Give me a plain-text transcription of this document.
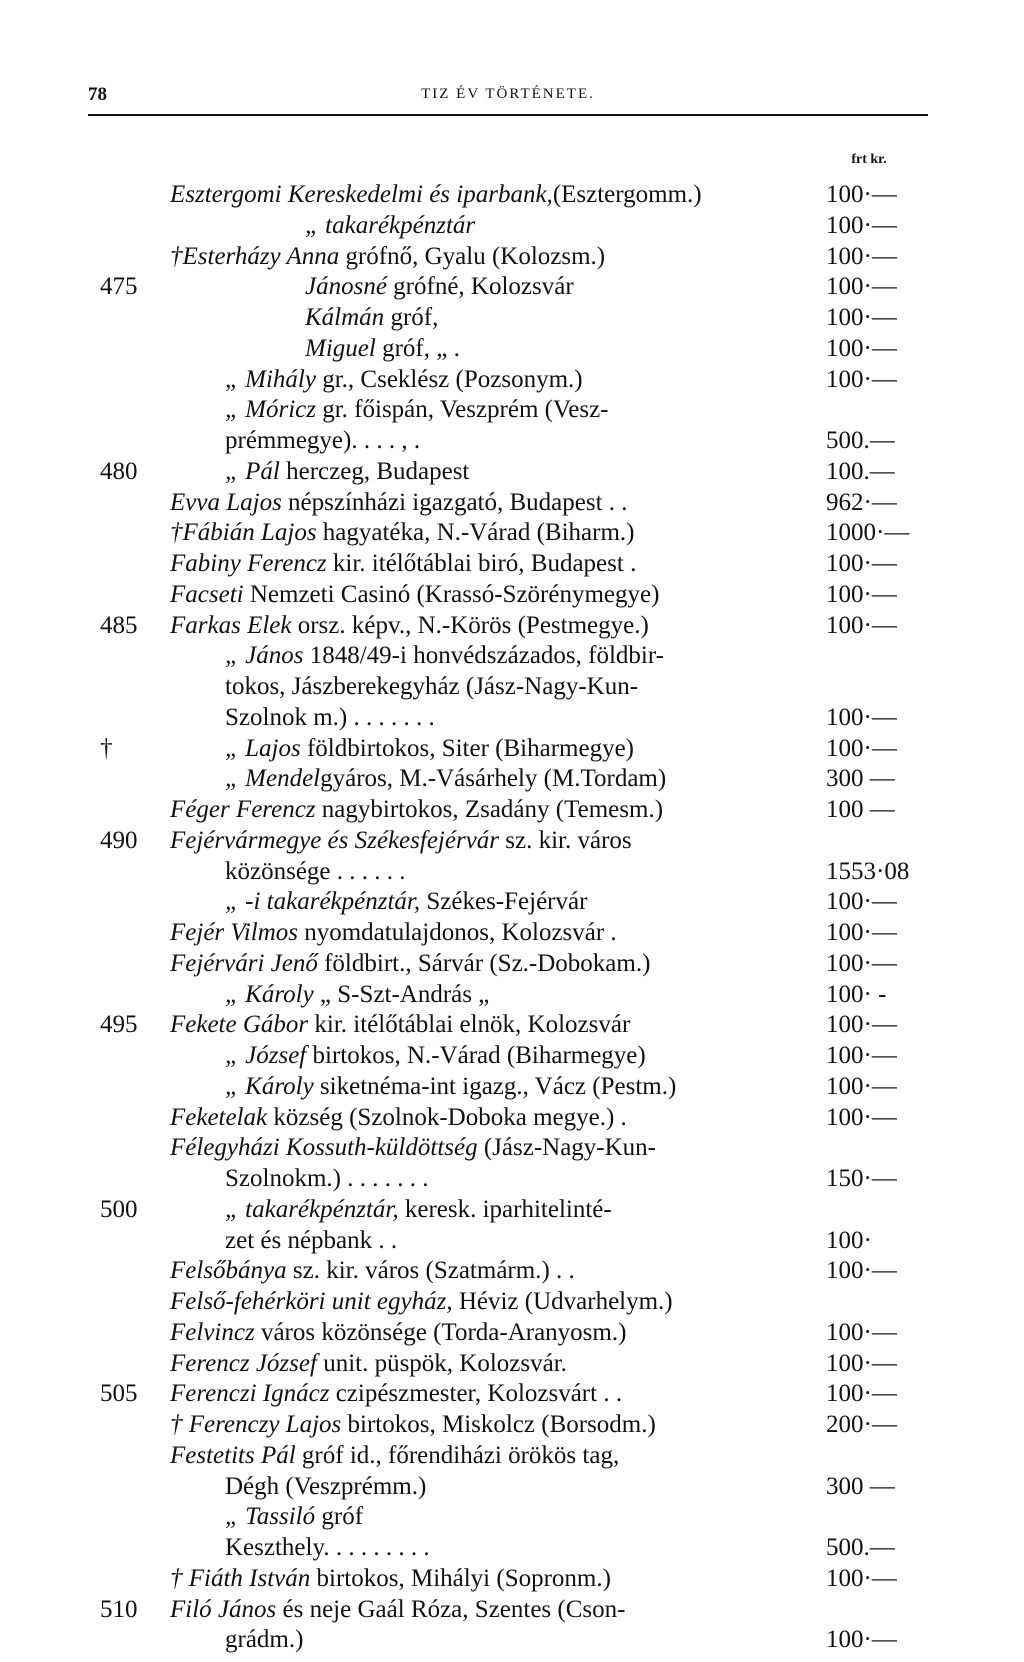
78	TIZ ÉV TÖRTÉNETE.
frt kr.
Esztergomi Kereskedelmi és iparbank,(Esztergomm.)	100·—
„ takarékpénztár	100·—
†Esterházy Anna grófnő, Gyalu (Kolozsm.)	100·—
475	Jánosné grófné, Kolozsvár	100·—
Kálmán gróf,	100·—
Miguel gróf, „ .	100·—
„ Mihály gr., Cseklész (Pozsonym.)	100·—
„ Móricz gr. főispán, Veszprém (Vesz-
prémmegye). . . . , .	500.—
480	„ Pál herczeg, Budapest	100.—
Evva Lajos népszínházi igazgató, Budapest . .	962·—
†Fábián Lajos hagyatéka, N.-Várad (Biharm.)	1000·—
Fabiny Ferencz kir. itélőtáblai biró, Budapest .	100·—
Facseti Nemzeti Casinó (Krassó-Szörénymegye)	100·—
485	Farkas Elek orsz. képv., N.-Körös (Pestmegye.)	100·—
„ János 1848/49-i honvédszázados, földbir-
tokos, Jászberekegyház (Jász-Nagy-Kun-
Szolnok m.) . . . . . . .	100·—
†	„ Lajos földbirtokos, Siter (Biharmegye)	100·—
„ Mendelgyáros, M.-Vásárhely (M.Tordam)	300 —
Féger Ferencz nagybirtokos, Zsadány (Temesm.)	100 —
490	Fejérvármegye és Székesfejérvár sz. kir. város
közönsége . . . . . .	1553·08
„ -i takarékpénztár, Székes-Fejérvár	100·—
Fejér Vilmos nyomdatulajdonos, Kolozsvár .	100·—
Fejérvári Jenő földbirt., Sárvár (Sz.-Dobokam.)	100·—
„ Károly „ S-Szt-András „	100· -
495	Fekete Gábor kir. itélőtáblai elnök, Kolozsvár	100·—
„ József birtokos, N.-Várad (Biharmegye)	100·—
„ Károly siketnéma-int igazg., Vácz (Pestm.)	100·—
Feketelak község (Szolnok-Doboka megye.) .	100·—
Félegyházi Kossuth-küldöttség (Jász-Nagy-Kun-
Szolnokm.) . . . . . . .	150·—
500	„ takarékpénztár, keresk. iparhitelinté-
zet és népbank . .	100·
Felsőbánya sz. kir. város (Szatmárm.) . .	100·—
Felső-fehérköri unit egyház, Héviz (Udvarhelym.)
Felvincz város közönsége (Torda-Aranyosm.)	100·—
Ferencz József unit. püspök, Kolozsvár.	100·—
505	Ferenczi Ignácz czipészmester, Kolozsvárt . .	100·—
† Ferenczy Lajos birtokos, Miskolcz (Borsodm.)	200·—
Festetits Pál gróf id., főrendiházi örökös tag,
Dégh (Veszprémm.)	300 —
„ Tassiló gróf
Keszthely. . . . . . . . .	500.—
† Fiáth István birtokos, Mihályi (Sopronm.)	100·—
510	Filó János és neje Gaál Róza, Szentes (Cson-
grádm.)	100·—
